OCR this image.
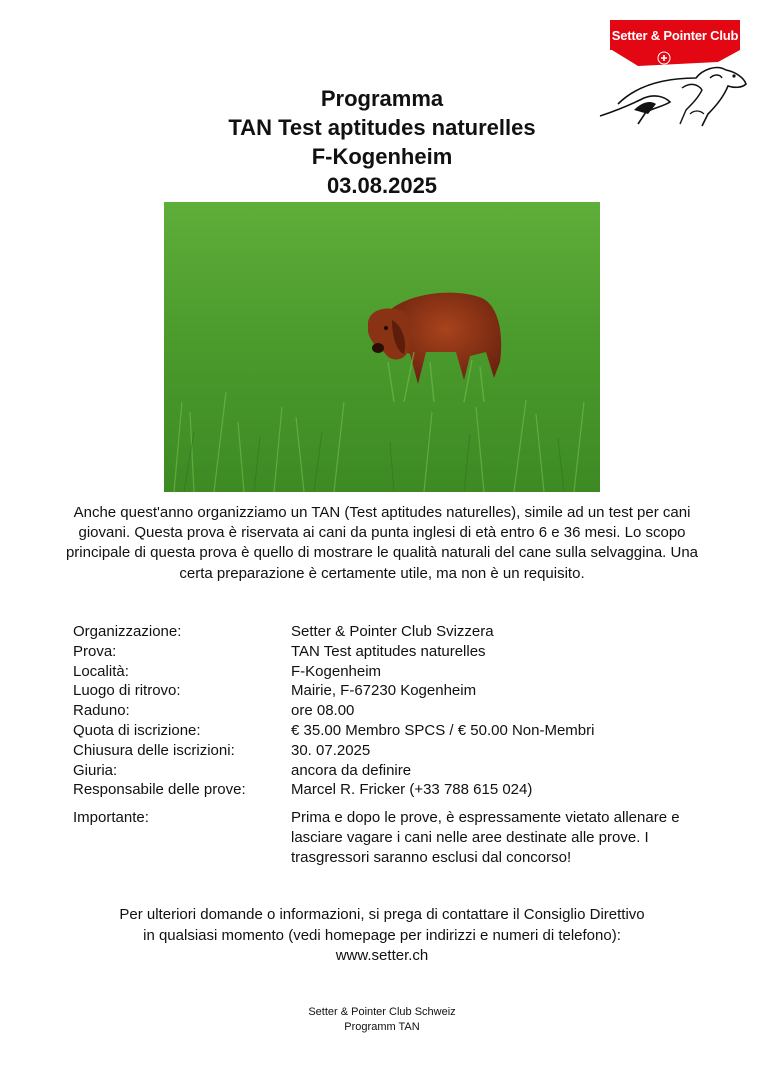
Setter & Pointer Club
Programma
TAN Test aptitudes naturelles
F-Kogenheim
03.08.2025
Anche quest'anno organizziamo un TAN (Test aptitudes naturelles), simile ad un test per cani giovani. Questa prova è riservata ai cani da punta inglesi di età entro 6 e 36 mesi. Lo scopo principale di questa prova è quello di mostrare le qualità naturali del cane sulla selvaggina. Una certa preparazione è certamente utile, ma non è un requisito.
Organizzazione:	Setter & Pointer Club Svizzera
Prova:	TAN Test aptitudes naturelles
Località:	F-Kogenheim
Luogo di ritrovo:	Mairie, F-67230 Kogenheim
Raduno:	ore 08.00
Quota di iscrizione:	€ 35.00 Membro SPCS / € 50.00 Non-Membri
Chiusura delle iscrizioni:	30. 07.2025
Giuria:	ancora da definire
Responsabile delle prove:	Marcel R. Fricker (+33 788 615 024)
Importante:	Prima e dopo le prove, è espressamente vietato allenare e lasciare vagare i cani nelle aree destinate alle prove. I trasgressori saranno esclusi dal concorso!
Per ulteriori domande o informazioni, si prega di contattare il Consiglio Direttivo
in qualsiasi momento (vedi homepage per indirizzi e numeri di telefono):
www.setter.ch
Setter & Pointer Club Schweiz
Programm TAN
